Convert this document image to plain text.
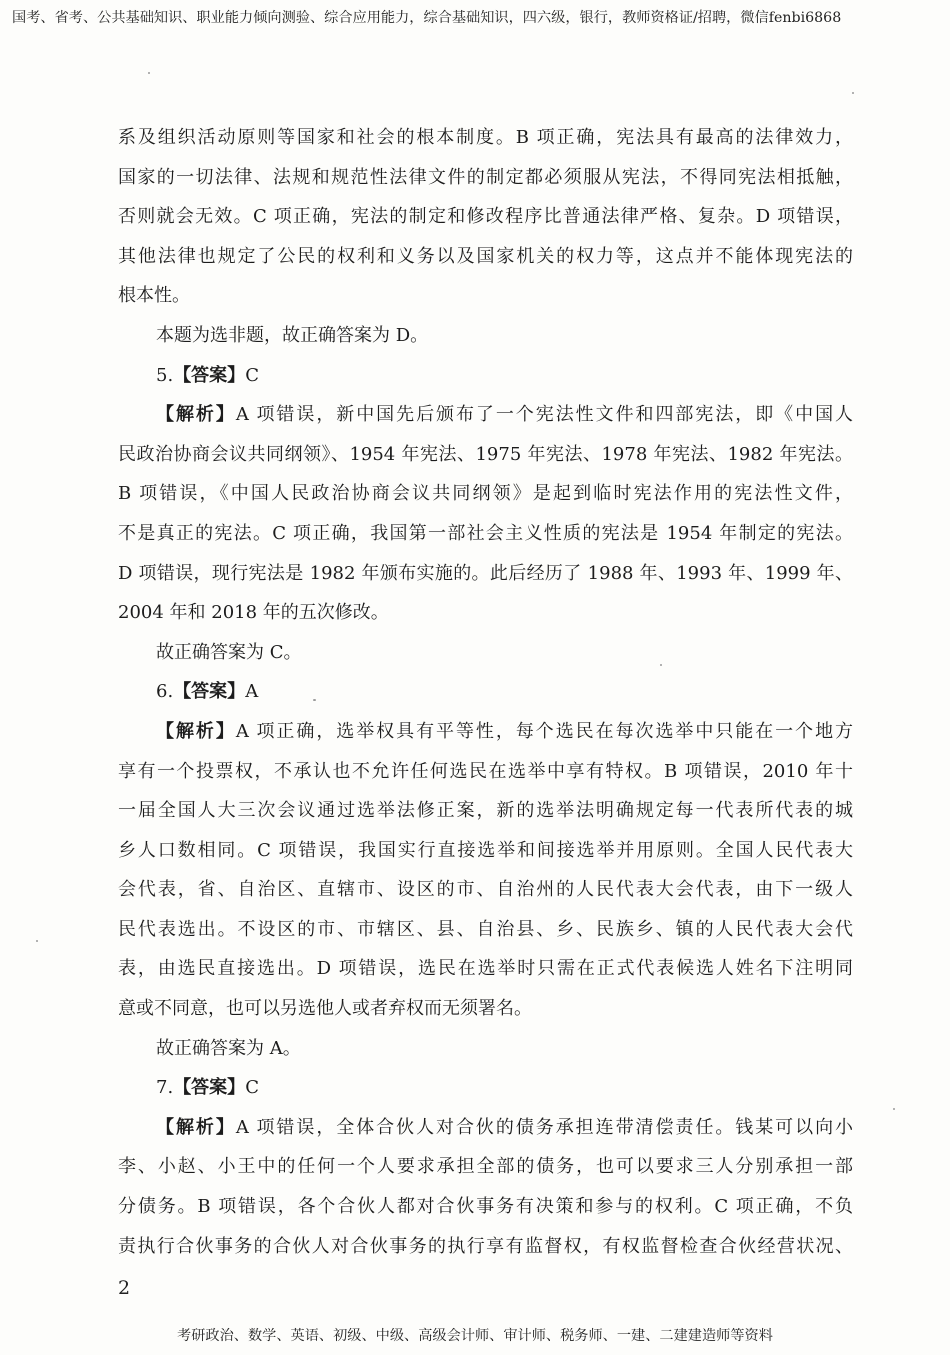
国考、省考、公共基础知识、职业能力倾向测验、综合应用能力，综合基础知识，四六级，银行，教师资格证/招聘，微信fenbi6868
系及组织活动原则等国家和社会的根本制度。B 项正确，宪法具有最高的法律效力，
国家的一切法律、法规和规范性法律文件的制定都必须服从宪法，不得同宪法相抵触，
否则就会无效。C 项正确，宪法的制定和修改程序比普通法律严格、复杂。D 项错误，
其他法律也规定了公民的权利和义务以及国家机关的权力等，这点并不能体现宪法的
根本性。
本题为选非题，故正确答案为 D。
5.【答案】C
【解析】A 项错误，新中国先后颁布了一个宪法性文件和四部宪法，即《中国人
民政治协商会议共同纲领》、1954 年宪法、1975 年宪法、1978 年宪法、1982 年宪法。
B 项错误，《中国人民政治协商会议共同纲领》是起到临时宪法作用的宪法性文件，
不是真正的宪法。C 项正确，我国第一部社会主义性质的宪法是 1954 年制定的宪法。
D 项错误，现行宪法是 1982 年颁布实施的。此后经历了 1988 年、1993 年、1999 年、
2004 年和 2018 年的五次修改。
故正确答案为 C。
6.【答案】A
【解析】A 项正确，选举权具有平等性，每个选民在每次选举中只能在一个地方
享有一个投票权，不承认也不允许任何选民在选举中享有特权。B 项错误，2010 年十
一届全国人大三次会议通过选举法修正案，新的选举法明确规定每一代表所代表的城
乡人口数相同。C 项错误，我国实行直接选举和间接选举并用原则。全国人民代表大
会代表，省、自治区、直辖市、设区的市、自治州的人民代表大会代表，由下一级人
民代表选出。不设区的市、市辖区、县、自治县、乡、民族乡、镇的人民代表大会代
表，由选民直接选出。D 项错误，选民在选举时只需在正式代表候选人姓名下注明同
意或不同意，也可以另选他人或者弃权而无须署名。
故正确答案为 A。
7.【答案】C
【解析】A 项错误，全体合伙人对合伙的债务承担连带清偿责任。钱某可以向小
李、小赵、小王中的任何一个人要求承担全部的债务，也可以要求三人分别承担一部
分债务。B 项错误，各个合伙人都对合伙事务有决策和参与的权利。C 项正确，不负
责执行合伙事务的合伙人对合伙事务的执行享有监督权，有权监督检查合伙经营状况、
2
考研政治、数学、英语、初级、中级、高级会计师、审计师、税务师、一建、二建建造师等资料
